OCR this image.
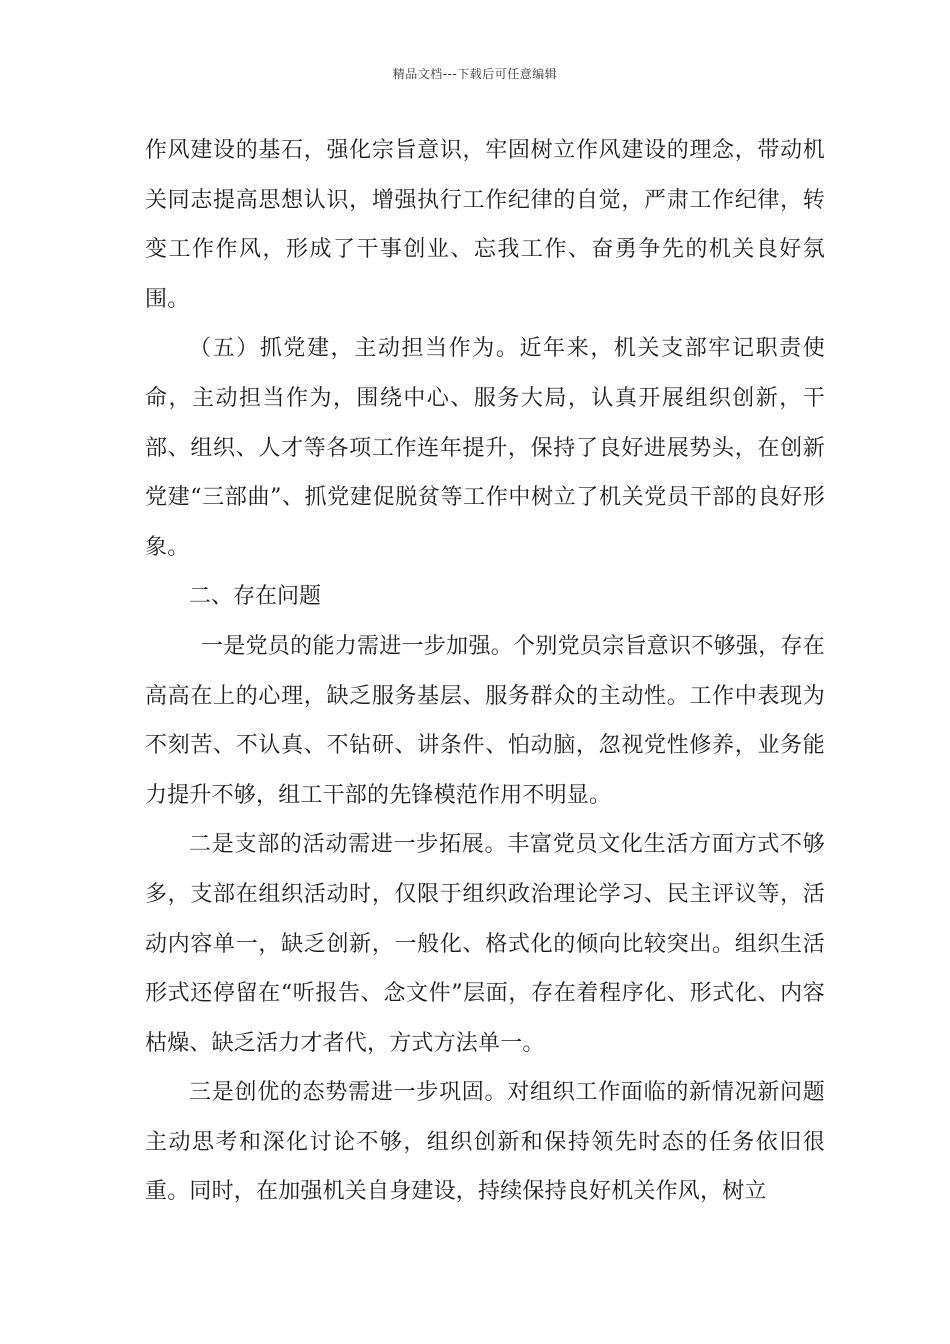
精品文档---下载后可任意编辑

作风建设的基石，强化宗旨意识，牢固树立作风建设的理念，带动机关同志提高思想认识，增强执行工作纪律的自觉，严肃工作纪律，转变工作作风，形成了干事创业、忘我工作、奋勇争先的机关良好氛围。

（五）抓党建，主动担当作为。近年来，机关支部牢记职责使命，主动担当作为，围绕中心、服务大局，认真开展组织创新，干部、组织、人才等各项工作连年提升，保持了良好进展势头，在创新党建“三部曲”、抓党建促脱贫等工作中树立了机关党员干部的良好形象。

二、存在问题

一是党员的能力需进一步加强。个别党员宗旨意识不够强，存在高高在上的心理，缺乏服务基层、服务群众的主动性。工作中表现为不刻苦、不认真、不钻研、讲条件、怕动脑，忽视党性修养，业务能力提升不够，组工干部的先锋模范作用不明显。

二是支部的活动需进一步拓展。丰富党员文化生活方面方式不够多，支部在组织活动时，仅限于组织政治理论学习、民主评议等，活动内容单一，缺乏创新，一般化、格式化的倾向比较突出。组织生活形式还停留在“听报告、念文件”层面，存在着程序化、形式化、内容枯燥、缺乏活力才者代，方式方法单一。

三是创优的态势需进一步巩固。对组织工作面临的新情况新问题主动思考和深化讨论不够，组织创新和保持领先时态的任务依旧很重。同时，在加强机关自身建设，持续保持良好机关作风，树立
